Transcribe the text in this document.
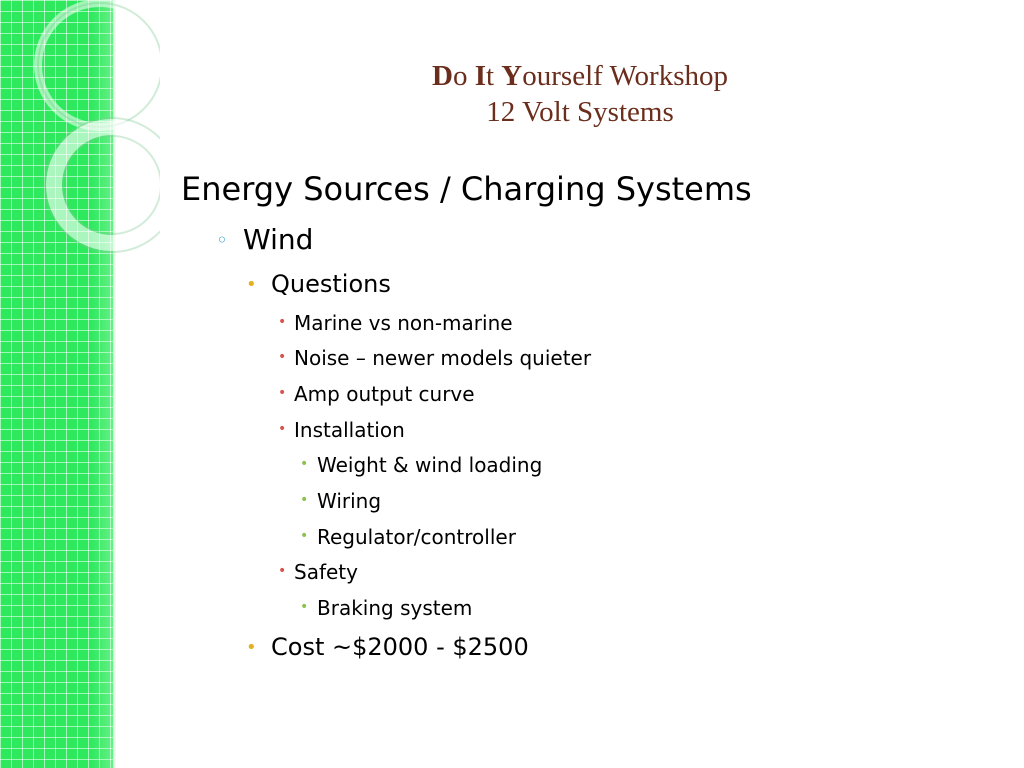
Do It Yourself Workshop
12 Volt Systems
Energy Sources / Charging Systems
◦ Wind
• Questions
• Marine vs non-marine
• Noise – newer models quieter
• Amp output curve
• Installation
• Weight & wind loading
• Wiring
• Regulator/controller
• Safety
• Braking system
• Cost ~$2000 - $2500
